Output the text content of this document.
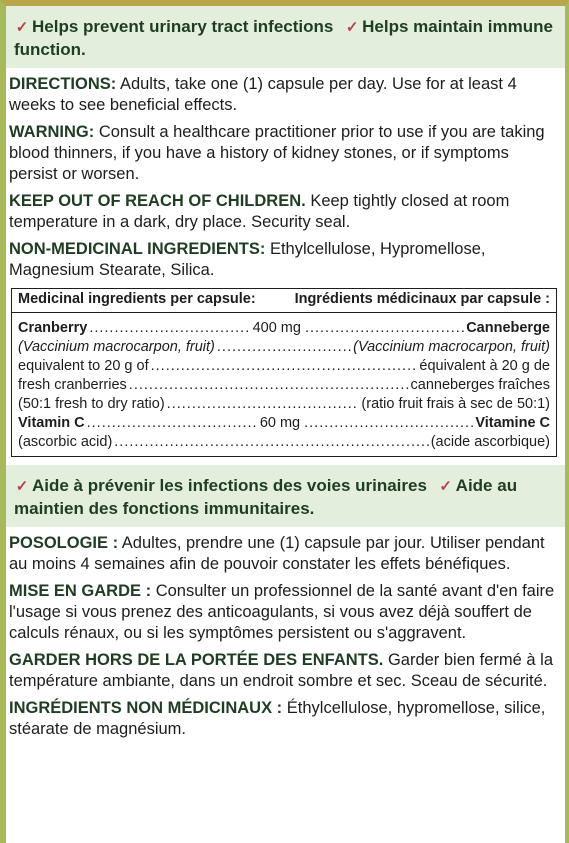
✓ Helps prevent urinary tract infections ✓ Helps maintain immune function.
DIRECTIONS: Adults, take one (1) capsule per day. Use for at least 4 weeks to see beneficial effects.
WARNING: Consult a healthcare practitioner prior to use if you are taking blood thinners, if you have a history of kidney stones, or if symptoms persist or worsen.
KEEP OUT OF REACH OF CHILDREN. Keep tightly closed at room temperature in a dark, dry place. Security seal.
NON-MEDICINAL INGREDIENTS: Ethylcellulose, Hypromellose, Magnesium Stearate, Silica.
Medicinal ingredients per capsule:	Ingrédients médicinaux par capsule :
Cranberry .....	400 mg .....	Canneberge
(Vaccinium macrocarpon, fruit) .....	(Vaccinium macrocarpon, fruit)
equivalent to 20 g of .....	équivalent à 20 g de
fresh cranberries .....	canneberges fraîches
(50:1 fresh to dry ratio) .....	(ratio fruit frais à sec de 50:1)
Vitamin C .....	60 mg .....	Vitamine C
(ascorbic acid) .....	(acide ascorbique)
✓ Aide à prévenir les infections des voies urinaires ✓ Aide au maintien des fonctions immunitaires.
POSOLOGIE : Adultes, prendre une (1) capsule par jour. Utiliser pendant au moins 4 semaines afin de pouvoir constater les effets bénéfiques.
MISE EN GARDE : Consulter un professionnel de la santé avant d'en faire l'usage si vous prenez des anticoagulants, si vous avez déjà souffert de calculs rénaux, ou si les symptômes persistent ou s'aggravent.
GARDER HORS DE LA PORTÉE DES ENFANTS. Garder bien fermé à la température ambiante, dans un endroit sombre et sec. Sceau de sécurité.
INGRÉDIENTS NON MÉDICINAUX : Éthylcellulose, hypromellose, silice, stéarate de magnésium.
